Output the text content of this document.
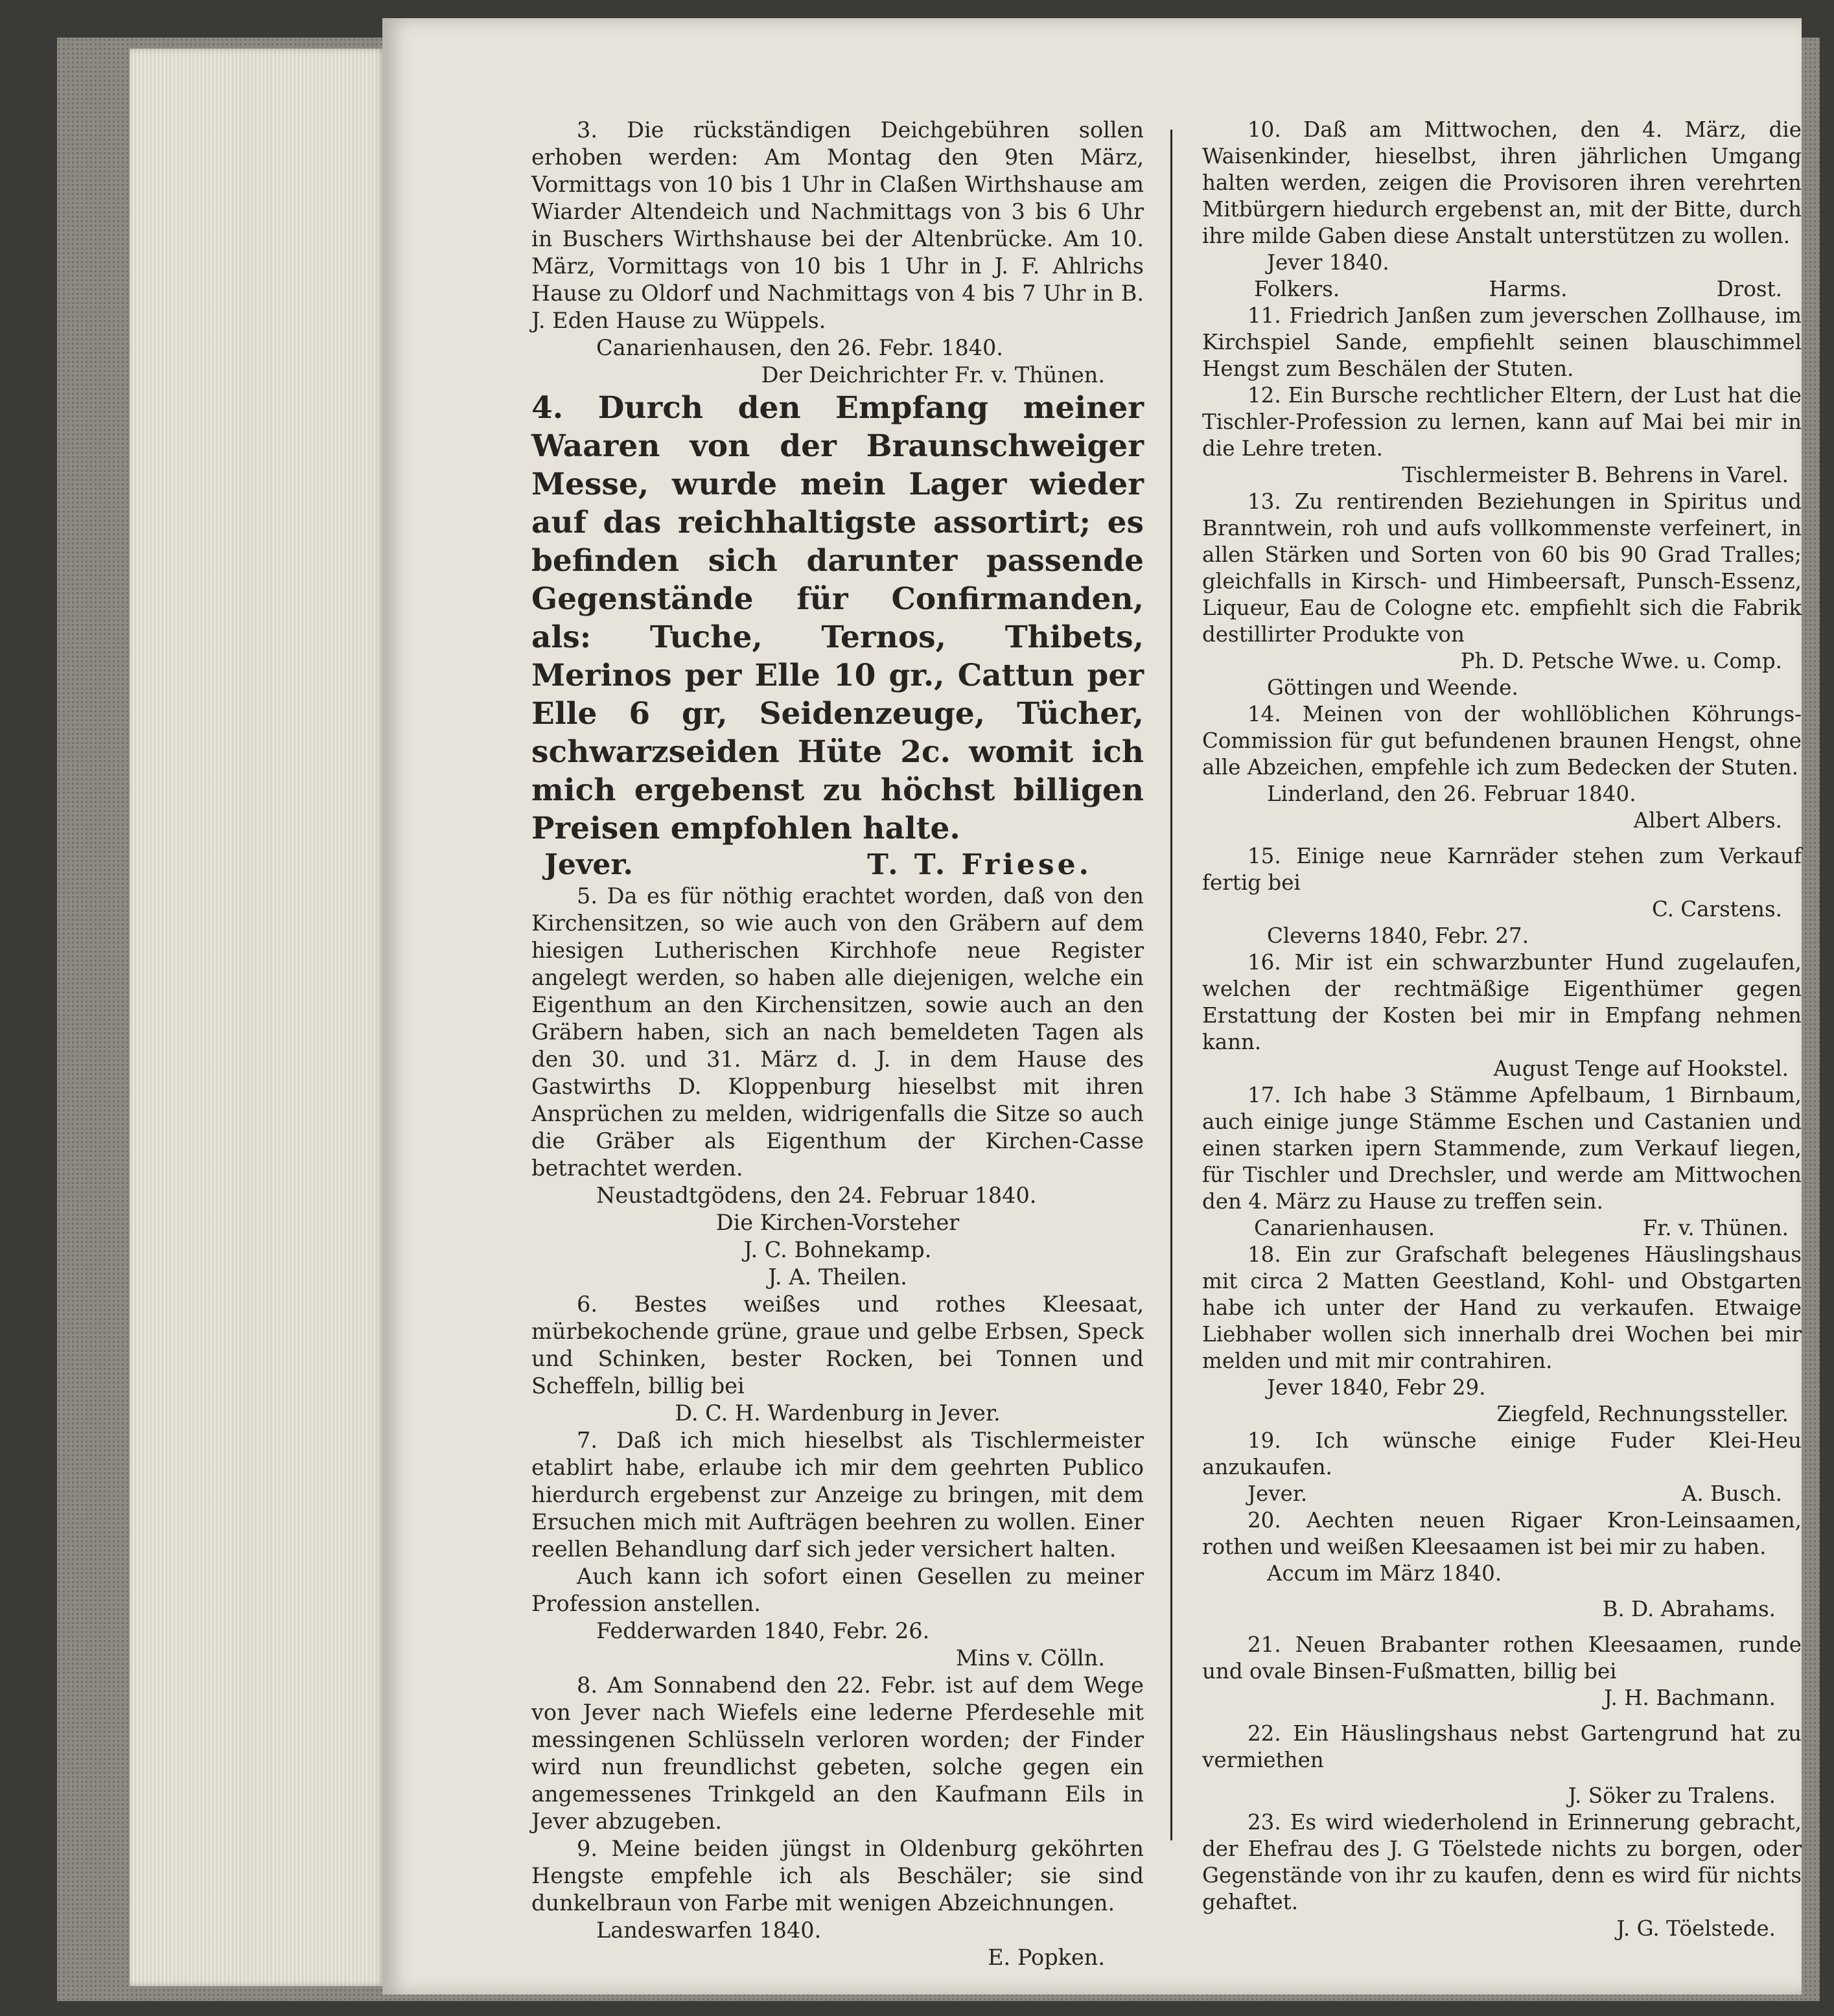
3. Die rückständigen Deichgebühren sollen erhoben werden: Am Montag den 9ten März, Vormittags von 10 bis 1 Uhr in Claßen Wirthshause am Wiarder Altendeich und Nachmittags von 3 bis 6 Uhr in Buschers Wirthshause bei der Altenbrücke. Am 10. März, Vormittags von 10 bis 1 Uhr in J. F. Ahlrichs Hause zu Oldorf und Nachmittags von 4 bis 7 Uhr in B. J. Eden Hause zu Wüppels.

Canarienhausen, den 26. Febr. 1840.

Der Deichrichter Fr. v. Thünen.

4. Durch den Empfang meiner Waaren von der Braunschweiger Messe, wurde mein Lager wieder auf das reichhaltigste assortirt; es befinden sich darunter passende Gegenstände für Confirmanden, als: Tuche, Ternos, Thibets, Merinos per Elle 10 gr., Cattun per Elle 6 gr, Seidenzeuge, Tücher, schwarzseiden Hüte 2c. womit ich mich ergebenst zu höchst billigen Preisen empfohlen halte.

Jever.	T. T. Friese.

5. Da es für nöthig erachtet worden, daß von den Kirchensitzen, so wie auch von den Gräbern auf dem hiesigen Lutherischen Kirchhofe neue Register angelegt werden, so haben alle diejenigen, welche ein Eigenthum an den Kirchensitzen, sowie auch an den Gräbern haben, sich an nach bemeldeten Tagen als den 30. und 31. März d. J. in dem Hause des Gastwirths D. Kloppenburg hieselbst mit ihren Ansprüchen zu melden, widrigenfalls die Sitze so auch die Gräber als Eigenthum der Kirchen-Casse betrachtet werden.

Neustadtgödens, den 24. Februar 1840.

Die Kirchen-Vorsteher

J. C. Bohnekamp.

J. A. Theilen.

6. Bestes weißes und rothes Kleesaat, mürbekochende grüne, graue und gelbe Erbsen, Speck und Schinken, bester Rocken, bei Tonnen und Scheffeln, billig bei

D. C. H. Wardenburg in Jever.

7. Daß ich mich hieselbst als Tischlermeister etablirt habe, erlaube ich mir dem geehrten Publico hierdurch ergebenst zur Anzeige zu bringen, mit dem Ersuchen mich mit Aufträgen beehren zu wollen. Einer reellen Behandlung darf sich jeder versichert halten.

Auch kann ich sofort einen Gesellen zu meiner Profession anstellen.

Fedderwarden 1840, Febr. 26.

Mins v. Cölln.

8. Am Sonnabend den 22. Febr. ist auf dem Wege von Jever nach Wiefels eine lederne Pferdesehle mit messingenen Schlüsseln verloren worden; der Finder wird nun freundlichst gebeten, solche gegen ein angemessenes Trinkgeld an den Kaufmann Eils in Jever abzugeben.

9. Meine beiden jüngst in Oldenburg geköhrten Hengste empfehle ich als Beschäler; sie sind dunkelbraun von Farbe mit wenigen Abzeichnungen.

Landeswarfen 1840.

E. Popken.

10. Daß am Mittwochen, den 4. März, die Waisenkinder, hieselbst, ihren jährlichen Umgang halten werden, zeigen die Provisoren ihren verehrten Mitbürgern hiedurch ergebenst an, mit der Bitte, durch ihre milde Gaben diese Anstalt unterstützen zu wollen.

Jever 1840.

Folkers.	Harms.	Drost.

11. Friedrich Janßen zum jeverschen Zollhause, im Kirchspiel Sande, empfiehlt seinen blauschimmel Hengst zum Beschälen der Stuten.

12. Ein Bursche rechtlicher Eltern, der Lust hat die Tischler-Profession zu lernen, kann auf Mai bei mir in die Lehre treten.

Tischlermeister B. Behrens in Varel.

13. Zu rentirenden Beziehungen in Spiritus und Branntwein, roh und aufs vollkommenste verfeinert, in allen Stärken und Sorten von 60 bis 90 Grad Tralles; gleichfalls in Kirsch- und Himbeersaft, Punsch-Essenz, Liqueur, Eau de Cologne etc. empfiehlt sich die Fabrik destillirter Produkte von

Ph. D. Petsche Wwe. u. Comp.

Göttingen und Weende.

14. Meinen von der wohllöblichen Köhrungs-Commission für gut befundenen braunen Hengst, ohne alle Abzeichen, empfehle ich zum Bedecken der Stuten.

Linderland, den 26. Februar 1840.

Albert Albers.

15. Einige neue Karnräder stehen zum Verkauf fertig bei

C. Carstens.

Cleverns 1840, Febr. 27.

16. Mir ist ein schwarzbunter Hund zugelaufen, welchen der rechtmäßige Eigenthümer gegen Erstattung der Kosten bei mir in Empfang nehmen kann.

August Tenge auf Hookstel.

17. Ich habe 3 Stämme Apfelbaum, 1 Birnbaum, auch einige junge Stämme Eschen und Castanien und einen starken ipern Stammende, zum Verkauf liegen, für Tischler und Drechsler, und werde am Mittwochen den 4. März zu Hause zu treffen sein.

Canarienhausen.	Fr. v. Thünen.

18. Ein zur Grafschaft belegenes Häuslingshaus mit circa 2 Matten Geestland, Kohl- und Obstgarten habe ich unter der Hand zu verkaufen. Etwaige Liebhaber wollen sich innerhalb drei Wochen bei mir melden und mit mir contrahiren.

Jever 1840, Febr 29.

Ziegfeld, Rechnungssteller.

19. Ich wünsche einige Fuder Klei-Heu anzukaufen.

Jever.	A. Busch.

20. Aechten neuen Rigaer Kron-Leinsaamen, rothen und weißen Kleesaamen ist bei mir zu haben.

Accum im März 1840.

B. D. Abrahams.

21. Neuen Brabanter rothen Kleesaamen, runde und ovale Binsen-Fußmatten, billig bei

J. H. Bachmann.

22. Ein Häuslingshaus nebst Gartengrund hat zu vermiethen

J. Söker zu Tralens.

23. Es wird wiederholend in Erinnerung gebracht, der Ehefrau des J. G Töelstede nichts zu borgen, oder Gegenstände von ihr zu kaufen, denn es wird für nichts gehaftet.

J. G. Töelstede.
